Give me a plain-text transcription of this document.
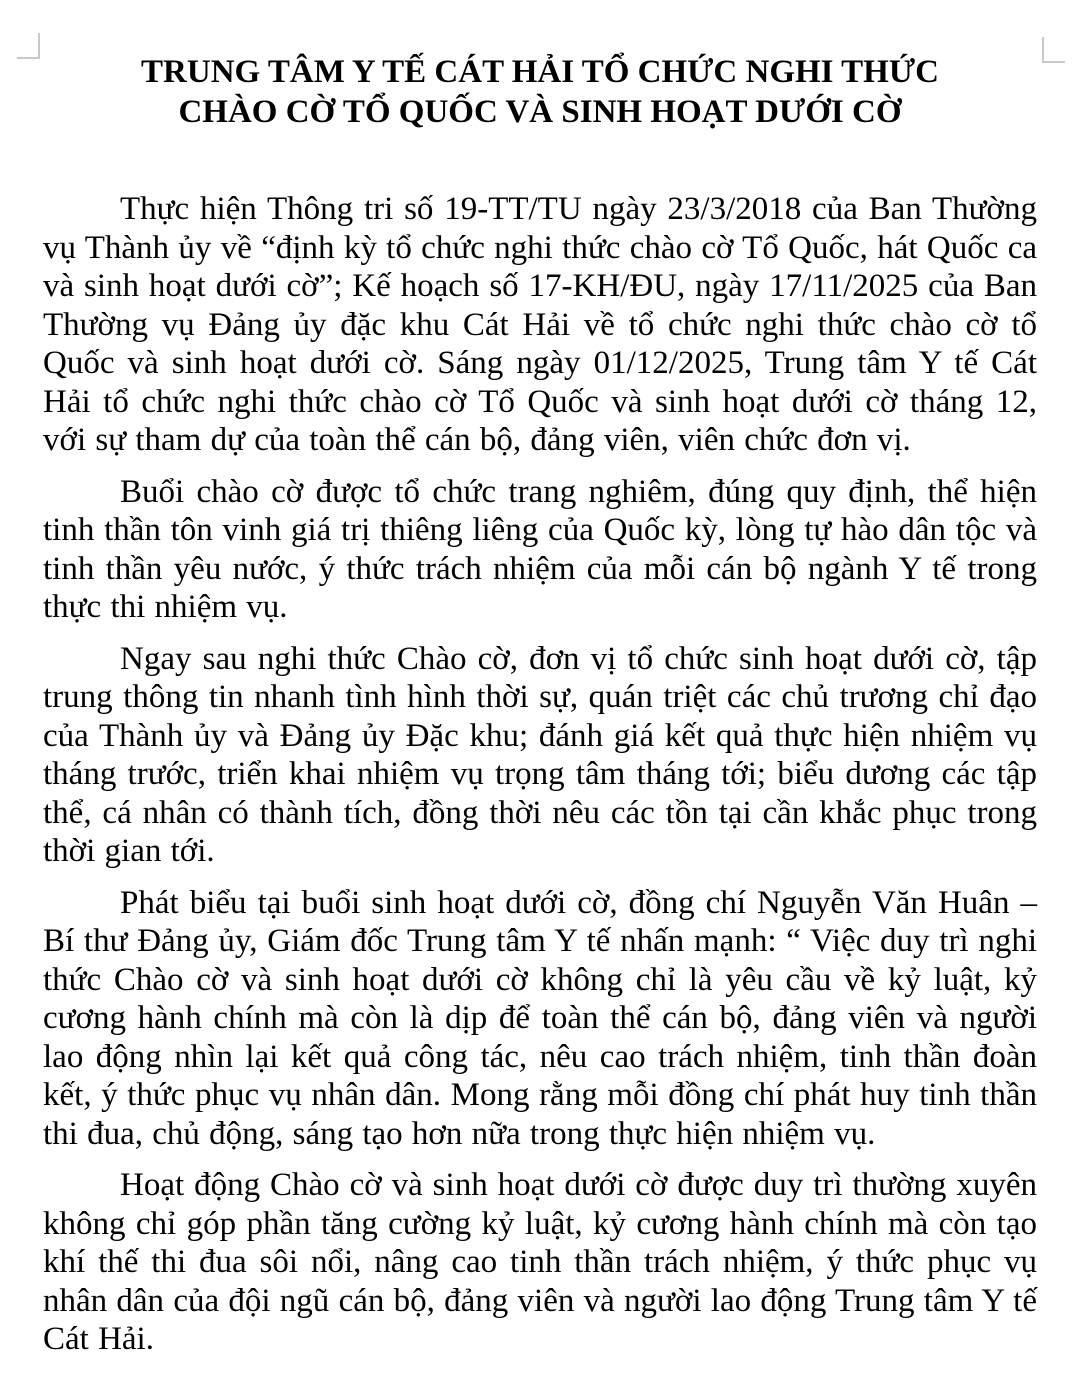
TRUNG TÂM Y TẾ CÁT HẢI TỔ CHỨC NGHI THỨC
CHÀO CỜ TỔ QUỐC VÀ SINH HOẠT DƯỚI CỜ

Thực hiện Thông tri số 19-TT/TU ngày 23/3/2018 của Ban Thường vụ Thành ủy về “định kỳ tổ chức nghi thức chào cờ Tổ Quốc, hát Quốc ca và sinh hoạt dưới cờ”; Kế hoạch số 17-KH/ĐU, ngày 17/11/2025 của Ban Thường vụ Đảng ủy đặc khu Cát Hải về tổ chức nghi thức chào cờ tổ Quốc và sinh hoạt dưới cờ. Sáng ngày 01/12/2025, Trung tâm Y tế Cát Hải tổ chức nghi thức chào cờ Tổ Quốc và sinh hoạt dưới cờ tháng 12, với sự tham dự của toàn thể cán bộ, đảng viên, viên chức đơn vị.

Buổi chào cờ được tổ chức trang nghiêm, đúng quy định, thể hiện tinh thần tôn vinh giá trị thiêng liêng của Quốc kỳ, lòng tự hào dân tộc và tinh thần yêu nước, ý thức trách nhiệm của mỗi cán bộ ngành Y tế trong thực thi nhiệm vụ.

Ngay sau nghi thức Chào cờ, đơn vị tổ chức sinh hoạt dưới cờ, tập trung thông tin nhanh tình hình thời sự, quán triệt các chủ trương chỉ đạo của Thành ủy và Đảng ủy Đặc khu; đánh giá kết quả thực hiện nhiệm vụ tháng trước, triển khai nhiệm vụ trọng tâm tháng tới; biểu dương các tập thể, cá nhân có thành tích, đồng thời nêu các tồn tại cần khắc phục trong thời gian tới.

Phát biểu tại buổi sinh hoạt dưới cờ, đồng chí Nguyễn Văn Huân – Bí thư Đảng ủy, Giám đốc Trung tâm Y tế nhấn mạnh: “ Việc duy trì nghi thức Chào cờ và sinh hoạt dưới cờ không chỉ là yêu cầu về kỷ luật, kỷ cương hành chính mà còn là dịp để toàn thể cán bộ, đảng viên và người lao động nhìn lại kết quả công tác, nêu cao trách nhiệm, tinh thần đoàn kết, ý thức phục vụ nhân dân. Mong rằng mỗi đồng chí phát huy tinh thần thi đua, chủ động, sáng tạo hơn nữa trong thực hiện nhiệm vụ.

Hoạt động Chào cờ và sinh hoạt dưới cờ được duy trì thường xuyên không chỉ góp phần tăng cường kỷ luật, kỷ cương hành chính mà còn tạo khí thế thi đua sôi nổi, nâng cao tinh thần trách nhiệm, ý thức phục vụ nhân dân của đội ngũ cán bộ, đảng viên và người lao động Trung tâm Y tế Cát Hải.
